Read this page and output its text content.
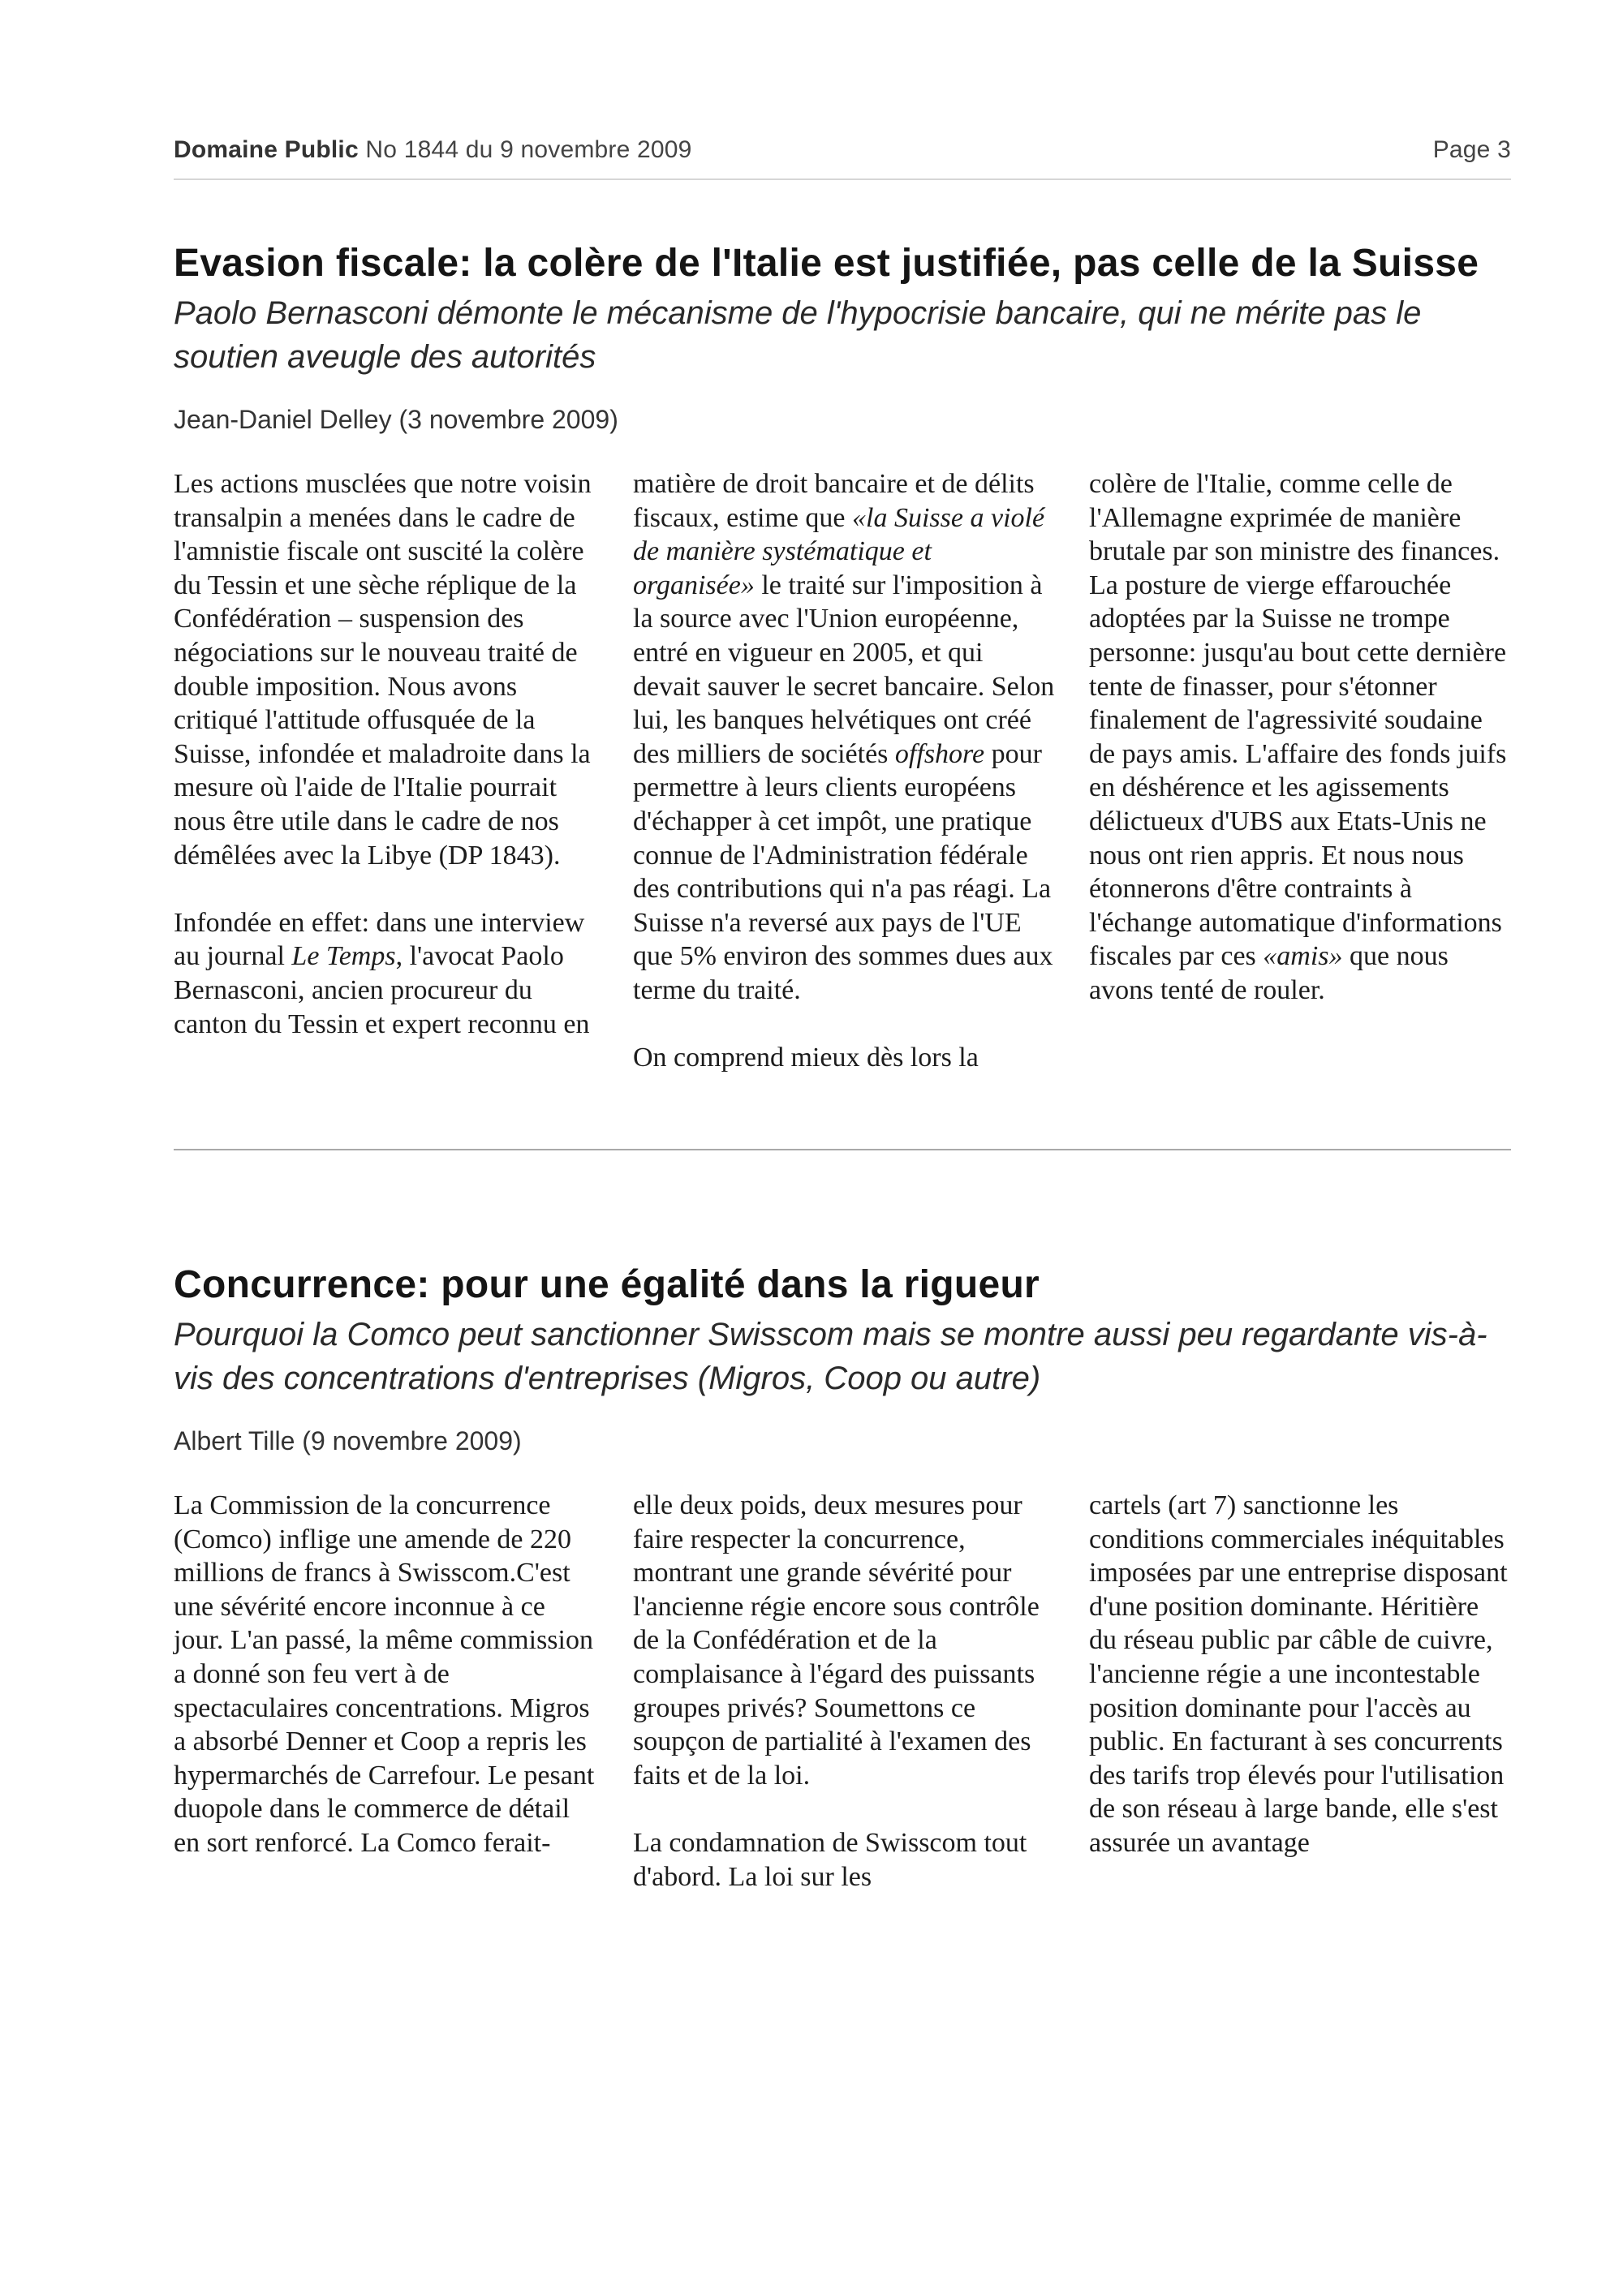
Domaine Public No 1844 du 9 novembre 2009	Page 3
Evasion fiscale: la colère de l'Italie est justifiée, pas celle de la Suisse

Paolo Bernasconi démonte le mécanisme de l'hypocrisie bancaire, qui ne mérite pas le soutien aveugle des autorités

Jean-Daniel Delley (3 novembre 2009)

Les actions musclées que notre voisin transalpin a menées dans le cadre de l'amnistie fiscale ont suscité la colère du Tessin et une sèche réplique de la Confédération – suspension des négociations sur le nouveau traité de double imposition. Nous avons critiqué l'attitude offusquée de la Suisse, infondée et maladroite dans la mesure où l'aide de l'Italie pourrait nous être utile dans le cadre de nos démêlées avec la Libye (DP 1843).

Infondée en effet: dans une interview au journal Le Temps, l'avocat Paolo Bernasconi, ancien procureur du canton du Tessin et expert reconnu en

matière de droit bancaire et de délits fiscaux, estime que «la Suisse a violé de manière systématique et organisée» le traité sur l'imposition à la source avec l'Union européenne, entré en vigueur en 2005, et qui devait sauver le secret bancaire. Selon lui, les banques helvétiques ont créé des milliers de sociétés offshore pour permettre à leurs clients européens d'échapper à cet impôt, une pratique connue de l'Administration fédérale des contributions qui n'a pas réagi. La Suisse n'a reversé aux pays de l'UE que 5% environ des sommes dues aux terme du traité.

On comprend mieux dès lors la

colère de l'Italie, comme celle de l'Allemagne exprimée de manière brutale par son ministre des finances. La posture de vierge effarouchée adoptées par la Suisse ne trompe personne: jusqu'au bout cette dernière tente de finasser, pour s'étonner finalement de l'agressivité soudaine de pays amis. L'affaire des fonds juifs en déshérence et les agissements délictueux d'UBS aux Etats-Unis ne nous ont rien appris. Et nous nous étonnerons d'être contraints à l'échange automatique d'informations fiscales par ces «amis» que nous avons tenté de rouler.

Concurrence: pour une égalité dans la rigueur

Pourquoi la Comco peut sanctionner Swisscom mais se montre aussi peu regardante vis-à-vis des concentrations d'entreprises (Migros, Coop ou autre)

Albert Tille (9 novembre 2009)

La Commission de la concurrence (Comco) inflige une amende de 220 millions de francs à Swisscom.C'est une sévérité encore inconnue à ce jour. L'an passé, la même commission a donné son feu vert à de spectaculaires concentrations. Migros a absorbé Denner et Coop a repris les hypermarchés de Carrefour. Le pesant duopole dans le commerce de détail en sort renforcé. La Comco ferait-

elle deux poids, deux mesures pour faire respecter la concurrence, montrant une grande sévérité pour l'ancienne régie encore sous contrôle de la Confédération et de la complaisance à l'égard des puissants groupes privés? Soumettons ce soupçon de partialité à l'examen des faits et de la loi.

La condamnation de Swisscom tout d'abord. La loi sur les

cartels (art 7) sanctionne les conditions commerciales inéquitables imposées par une entreprise disposant d'une position dominante. Héritière du réseau public par câble de cuivre, l'ancienne régie a une incontestable position dominante pour l'accès au public. En facturant à ses concurrents des tarifs trop élevés pour l'utilisation de son réseau à large bande, elle s'est assurée un avantage
